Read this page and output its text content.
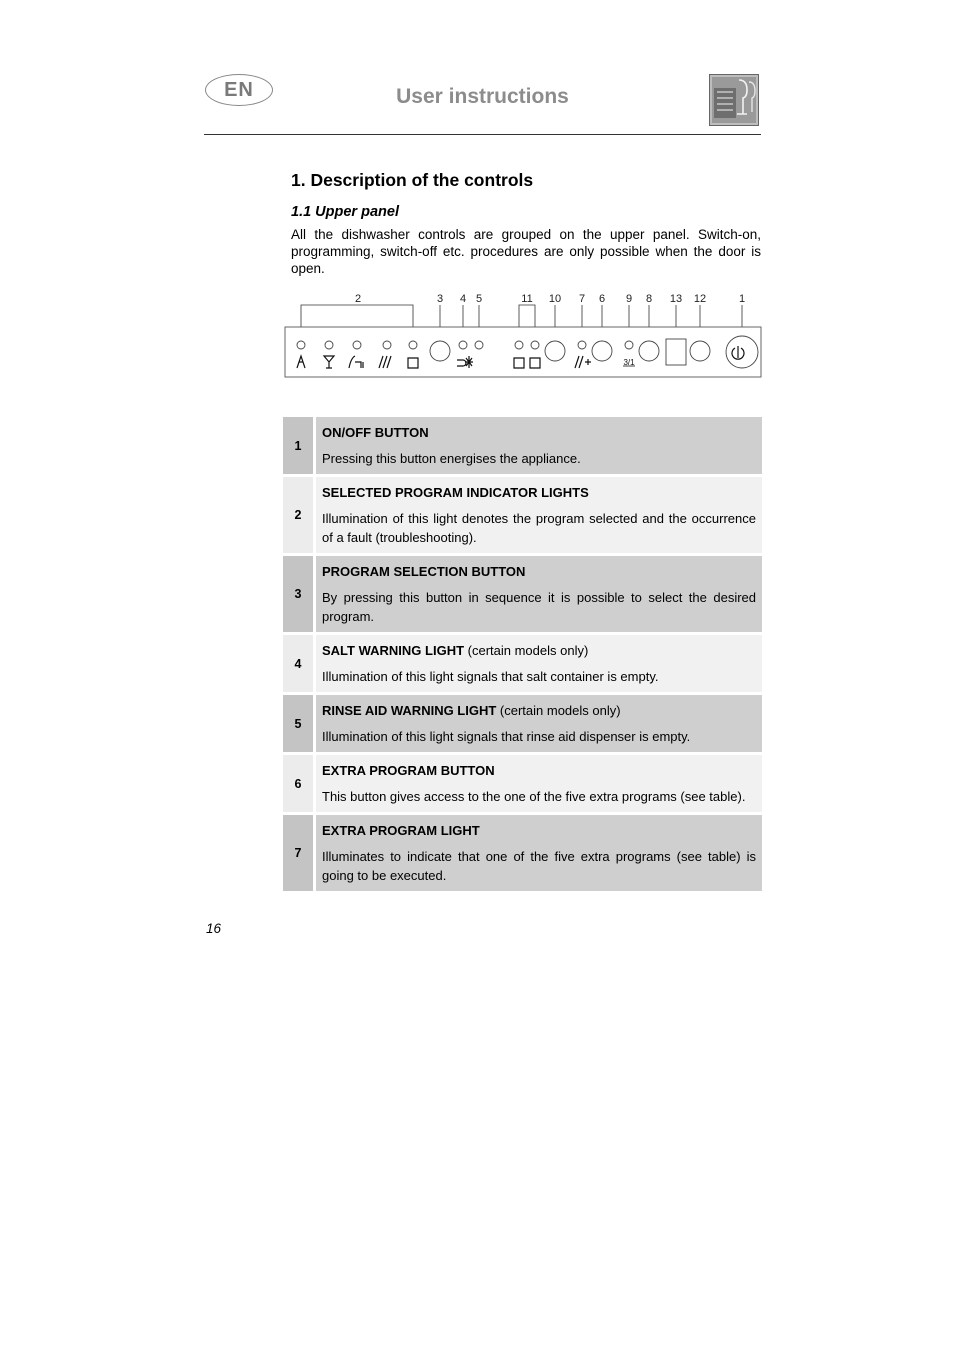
EN	User instructions
1. Description of the controls
1.1 Upper panel
All the dishwasher controls are grouped on the upper panel. Switch-on, programming, switch-off etc. procedures are only possible when the door is open.
2	3 4 5	11 10 7 6 9 8 13 12	1
3/1
1	ON/OFF BUTTON
Pressing this button energises the appliance.

2	SELECTED PROGRAM INDICATOR LIGHTS
Illumination of this light denotes the program selected and the occurrence of a fault (troubleshooting).

3	PROGRAM SELECTION BUTTON
By pressing this button in sequence it is possible to select the desired program.

4	SALT WARNING LIGHT (certain models only)
Illumination of this light signals that salt container is empty.

5	RINSE AID WARNING LIGHT (certain models only)
Illumination of this light signals that rinse aid dispenser is empty.

6	EXTRA PROGRAM BUTTON
This button gives access to the one of the five extra programs (see table).

7	EXTRA PROGRAM LIGHT
Illuminates to indicate that one of the five extra programs (see table) is going to be executed.
16
